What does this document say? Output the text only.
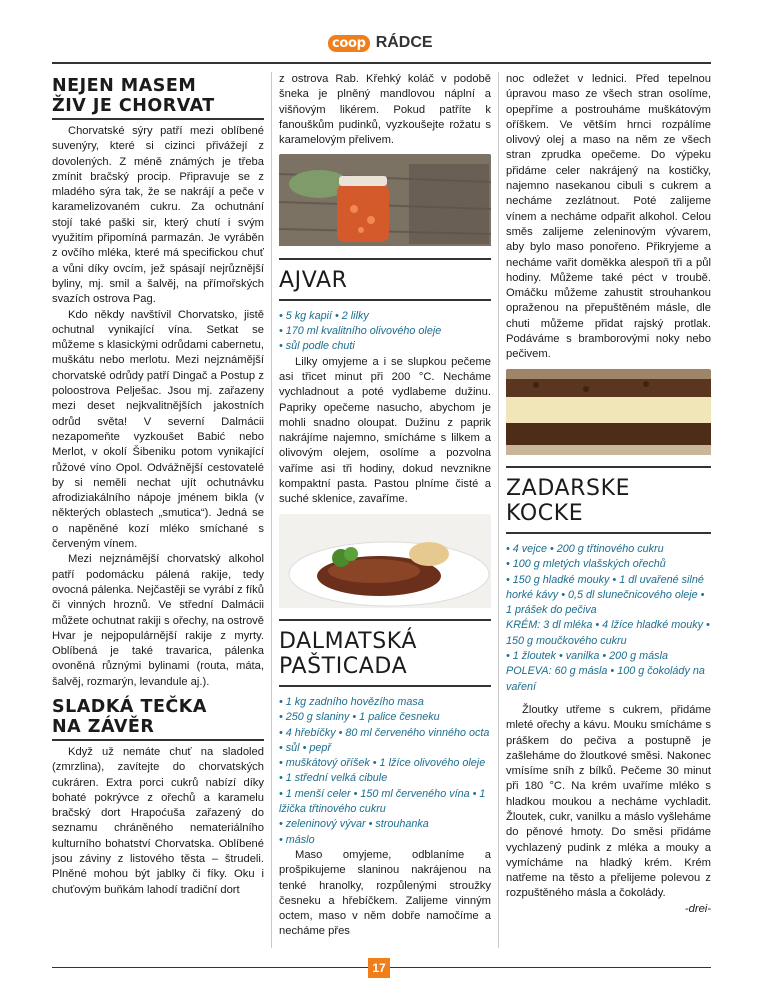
coop RÁDCE
NEJEN MASEM
ŽIV JE CHORVAT

Chorvatské sýry patří mezi oblíbené suvenýry, které si cizinci přivážejí z dovolených. Z méně známých je třeba zmínit bračský procip. Připravuje se z mladého sýra tak, že se nakrájí a peče v karamelizovaném cukru. Za ochutnání stojí také paški sir, který chutí i svým využitím připomíná parmazán. Je vyráběn z ovčího mléka, které má specifickou chuť a vůni díky ovcím, jež spásají nejrůznější byliny, mj. smil a šalvěj, na přímořských svazích ostrova Pag.

Kdo někdy navštívil Chorvatsko, jistě ochutnal vynikající vína. Setkat se můžeme s klasickými odrůdami cabernetu, muškátu nebo merlotu. Mezi nejznámější chorvatské odrůdy patří Dingač a Postup z poloostrova Pelješac. Jsou mj. zařazeny mezi deset nejkvalitnějších jakostních odrůd světa! V severní Dalmácii nezapomeňte vyzkoušet Babić nebo Merlot, v okolí Šibeniku potom vynikající růžové víno Opol. Odvážnější cestovatelé by si neměli nechat ujít ochutnávku afrodiziakálního nápoje jménem bikla (v některých oblastech „smutica“). Jedná se o napěněné kozí mléko smíchané s červeným vínem.

Mezi nejznámější chorvatský alkohol patří podomácku pálená rakije, tedy ovocná pálenka. Nejčastěji se vyrábí z fíků či vinných hroznů. Ve střední Dalmácii můžete ochutnat rakiji s ořechy, na ostrově Hvar je nejpopulárnější rakije z myrty. Oblíbená je také travarica, pálenka ovoněná různými bylinami (routa, máta, šalvěj, rozmarýn, levandule aj.).

SLADKÁ TEČKA
NA ZÁVĚR

Když už nemáte chuť na sladoled (zmrzlina), zavítejte do chorvatských cukráren. Extra porci cukrů nabízí díky bohaté pokrývce z ořechů a karamelu bračský dort Hrapoćuša zařazený do seznamu chráněného nemateriálního kulturního bohatství Chorvatska. Oblíbené jsou záviny z listového těsta – štrudeli. Plněné mohou být jablky či fíky. Oku i chuťovým buňkám lahodí tradiční dort

z ostrova Rab. Křehký koláč v podobě šneka je plněný mandlovou náplní a višňovým likérem. Pokud patříte k fanouškům pudinků, vyzkoušejte rožatu s karamelovým přelivem.

AJVAR
• 5 kg kapií • 2 lilky
• 170 ml kvalitního olivového oleje
• sůl podle chuti

Lilky omyjeme a i se slupkou pečeme asi třicet minut při 200 °C. Necháme vychladnout a poté vydlabeme dužinu. Papriky opečeme nasucho, abychom je mohli snadno oloupat. Dužinu z paprik nakrájíme najemno, smícháme s lilkem a olivovým olejem, osolíme a pozvolna vaříme asi tři hodiny, dokud nevznikne kompaktní pasta. Pastou plníme čisté a suché sklenice, zavaříme.

DALMATSKÁ
PAŠTICADA
• 1 kg zadního hovězího masa
• 250 g slaniny • 1 palice česneku
• 4 hřebíčky • 80 ml červeného vinného octa • sůl • pepř
• muškátový oříšek • 1 lžíce olivového oleje • 1 střední velká cibule
• 1 menší celer • 150 ml červeného vína • 1 lžička třtinového cukru
• zeleninový vývar • strouhanka
• máslo

Maso omyjeme, odblaníme a prošpikujeme slaninou nakrájenou na tenké hranolky, rozpůlenými stroužky česneku a hřebíčkem. Zalijeme vinným octem, maso v něm dobře namočíme a necháme přes

noc odležet v lednici. Před tepelnou úpravou maso ze všech stran osolíme, opepříme a postrouháme muškátovým oříškem. Ve větším hrnci rozpálíme olivový olej a maso na něm ze všech stran zprudka opečeme. Do výpeku přidáme celer nakrájený na kostičky, najemno nasekanou cibuli s cukrem a necháme zezlátnout. Poté zalijeme vínem a necháme odpařit alkohol. Celou směs zalijeme zeleninovým vývarem, aby bylo maso ponořeno. Přikryjeme a necháme vařit doměkka alespoň tři a půl hodiny. Můžeme také péct v troubě. Omáčku můžeme zahustit strouhankou opraženou na přepuštěném másle, dle chuti můžeme přidat rajský protlak. Podáváme s bramborovými noky nebo pečivem.

ZADARSKE
KOCKE
• 4 vejce • 200 g třtinového cukru
• 100 g mletých vlašských ořechů
• 150 g hladké mouky • 1 dl uvařené silné horké kávy • 0,5 dl slunečnicového oleje • 1 prášek do pečiva
KRÉM: 3 dl mléka • 4 lžíce hladké mouky • 150 g moučkového cukru
• 1 žloutek • vanilka • 200 g másla
POLEVA: 60 g másla • 100 g čokolády na vaření

Žloutky utřeme s cukrem, přidáme mleté ořechy a kávu. Mouku smícháme s práškem do pečiva a postupně je zašleháme do žloutkové směsi. Nakonec vmísíme sníh z bílků. Pečeme 30 minut při 180 °C. Na krém uvaříme mléko s hladkou moukou a necháme vychladit. Žloutek, cukr, vanilku a máslo vyšleháme do pěnové hmoty. Do směsi přidáme vychlazený pudink z mléka a mouky a vymícháme na hladký krém. Krém natřeme na těsto a přelijeme polevou z rozpuštěného másla a čokolády.

-drei-
17
